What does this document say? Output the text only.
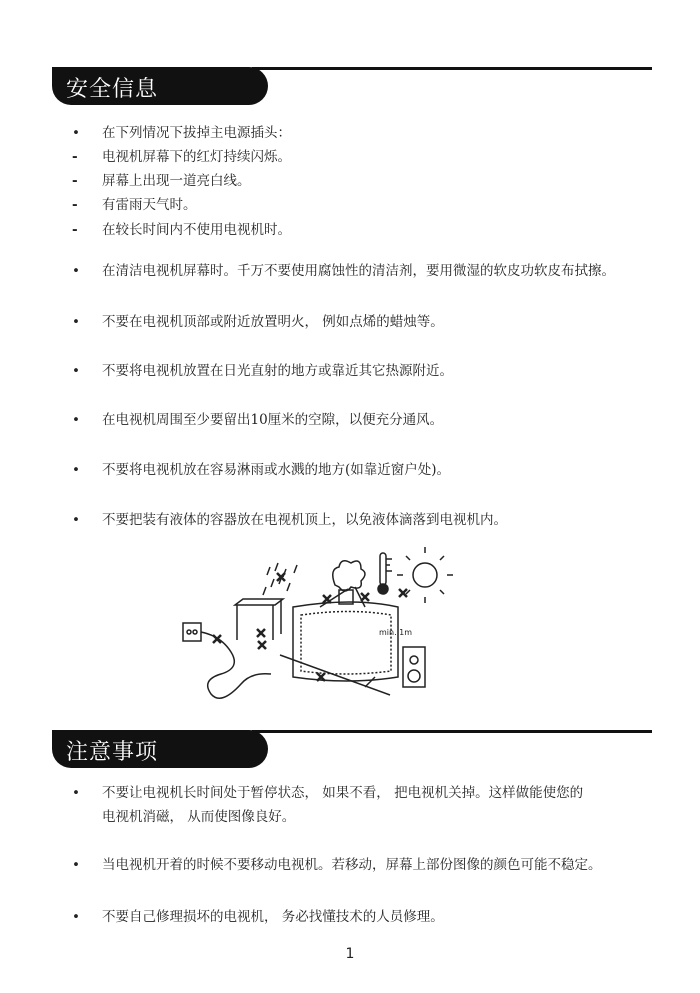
安全信息
• 在下列情况下拔掉主电源插头：
- 电视机屏幕下的红灯持续闪烁。
- 屏幕上出现一道亮白线。
- 有雷雨天气时。
- 在较长时间内不使用电视机时。
• 在清洁电视机屏幕时。千万不要使用腐蚀性的清洁剂，要用微湿的软皮功软皮布拭擦。
• 不要在电视机顶部或附近放置明火， 例如点烯的蜡烛等。
• 不要将电视机放置在日光直射的地方或靠近其它热源附近。
• 在电视机周围至少要留出10厘米的空隙，以便充分通风。
• 不要将电视机放在容易淋雨或水溅的地方(如靠近窗户处)。
• 不要把装有液体的容器放在电视机顶上，以免液体滴落到电视机内。
min. 1m
注意事项
• 不要让电视机长时间处于暂停状态， 如果不看， 把电视机关掉。这样做能使您的
电视机消磁， 从而使图像良好。
• 当电视机开着的时候不要移动电视机。若移动，屏幕上部份图像的颜色可能不稳定。
• 不要自己修理损坏的电视机， 务必找懂技术的人员修理。
1
